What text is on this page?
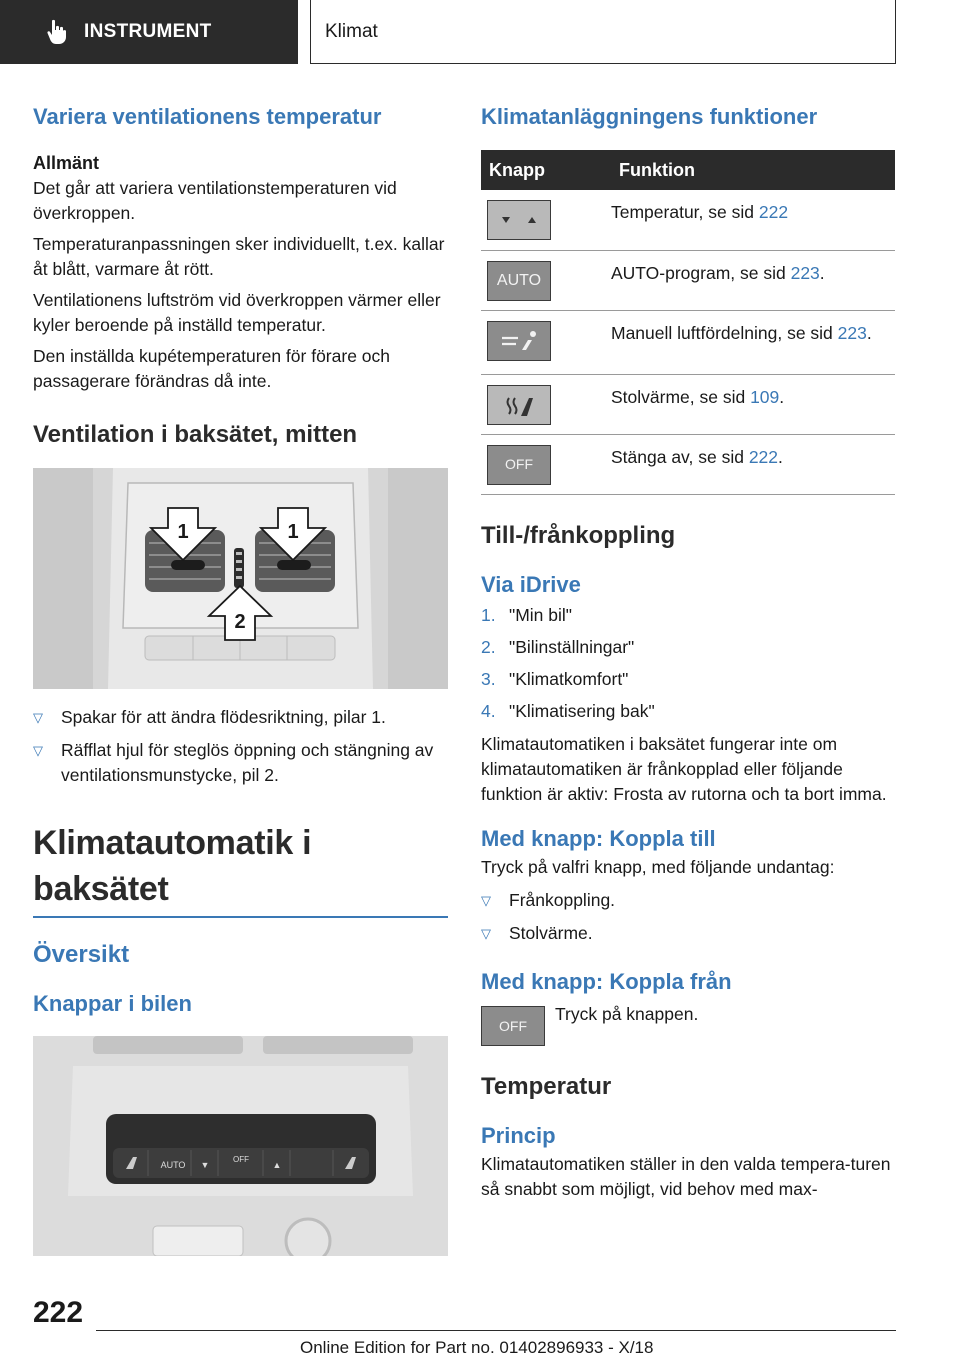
INSTRUMENT	Klimat
Variera ventilationens temperatur
Allmänt

Det går att variera ventilationstemperaturen vid överkroppen.

Temperaturanpassningen sker individuellt, t.ex. kallar åt blått, varmare åt rött.

Ventilationens luftström vid överkroppen värmer eller kyler beroende på inställd temperatur.

Den inställda kupétemperaturen för förare och passagerare förändras då inte.

Ventilation i baksätet, mitten
1	1
2
▽	Spakar för att ändra flödesriktning, pilar 1.
▽	Räfflat hjul för steglös öppning och stängning av ventilationsmunstycke, pil 2.
Klimatautomatik i baksätet
Översikt
Knappar i bilen
AUTO
OFF
▼	▲
Klimatanläggningens funktioner
Knapp	Funktion

	Temperatur, se sid 222

AUTO	AUTO-program, se sid 223.

	Manuell luftfördelning, se sid 223.

	Stolvärme, se sid 109.

OFF	Stänga av, se sid 222.
Till-/frånkoppling
Via iDrive
1. "Min bil"
2. "Bilinställningar"
3. "Klimatkomfort"
4. "Klimatisering bak"

Klimatautomatiken i baksätet fungerar inte om klimatautomatiken är frånkopplad eller följande funktion är aktiv: Frosta av rutorna och ta bort imma.

Med knapp: Koppla till

Tryck på valfri knapp, med följande undantag:

▽	Frånkoppling.
▽	Stolvärme.
Med knapp: Koppla från
OFF

Tryck på knappen.

Temperatur
Princip

Klimatautomatiken ställer in den valda tempera-turen så snabbt som möjligt, vid behov med max-

222
Online Edition for Part no. 01402896933 - X/18
